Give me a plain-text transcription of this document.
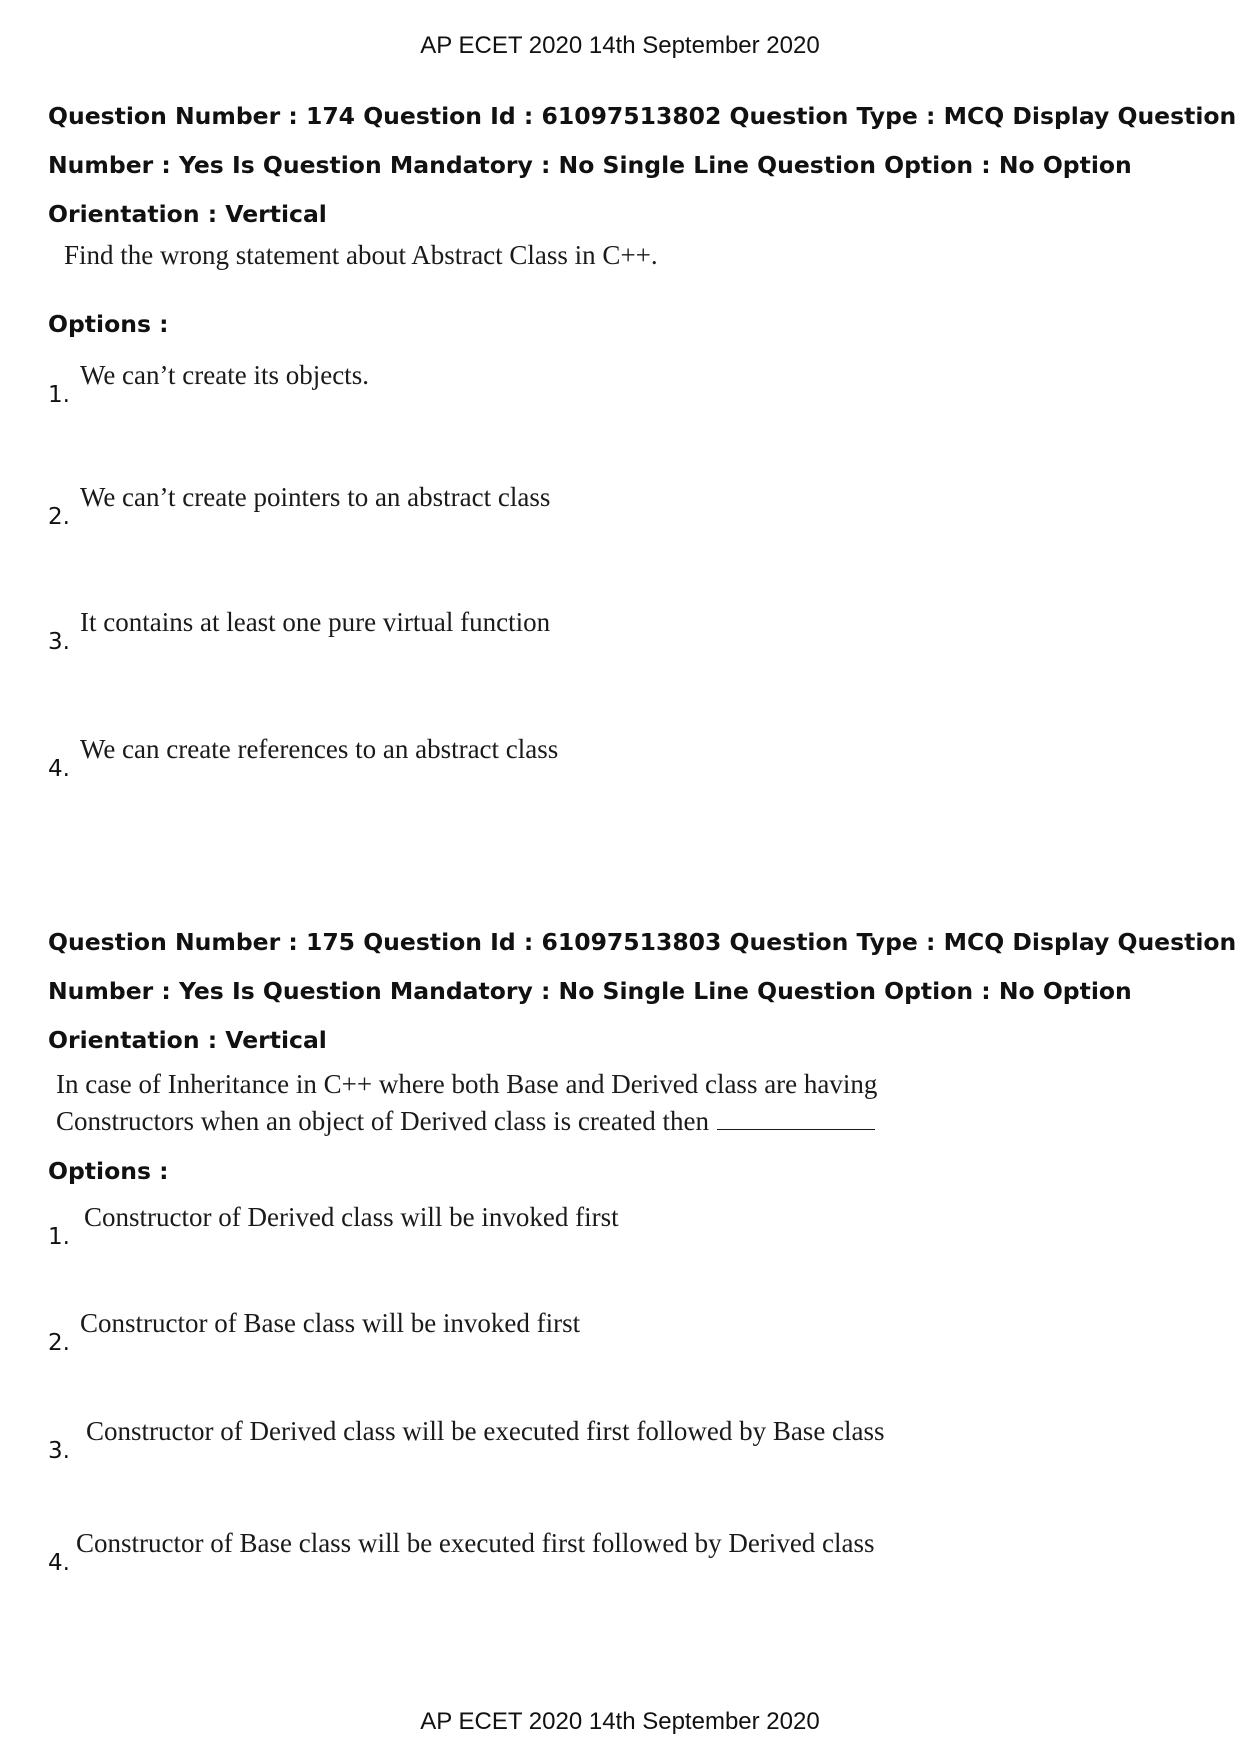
AP ECET 2020 14th September 2020
Question Number : 174 Question Id : 61097513802 Question Type : MCQ Display Question
Number : Yes Is Question Mandatory : No Single Line Question Option : No Option
Orientation : Vertical
Find the wrong statement about Abstract Class in C++.
Options :
1.
We can’t create its objects.
2.
We can’t create pointers to an abstract class
3.
It contains at least one pure virtual function
4.
We can create references to an abstract class
Question Number : 175 Question Id : 61097513803 Question Type : MCQ Display Question
Number : Yes Is Question Mandatory : No Single Line Question Option : No Option
Orientation : Vertical
In case of Inheritance in C++ where both Base and Derived class are having
Constructors when an object of Derived class is created then
Options :
1.
Constructor of Derived class will be invoked first
2.
Constructor of Base class will be invoked first
3.
Constructor of Derived class will be executed first followed by Base class
4.
Constructor of Base class will be executed first followed by Derived class
AP ECET 2020 14th September 2020
